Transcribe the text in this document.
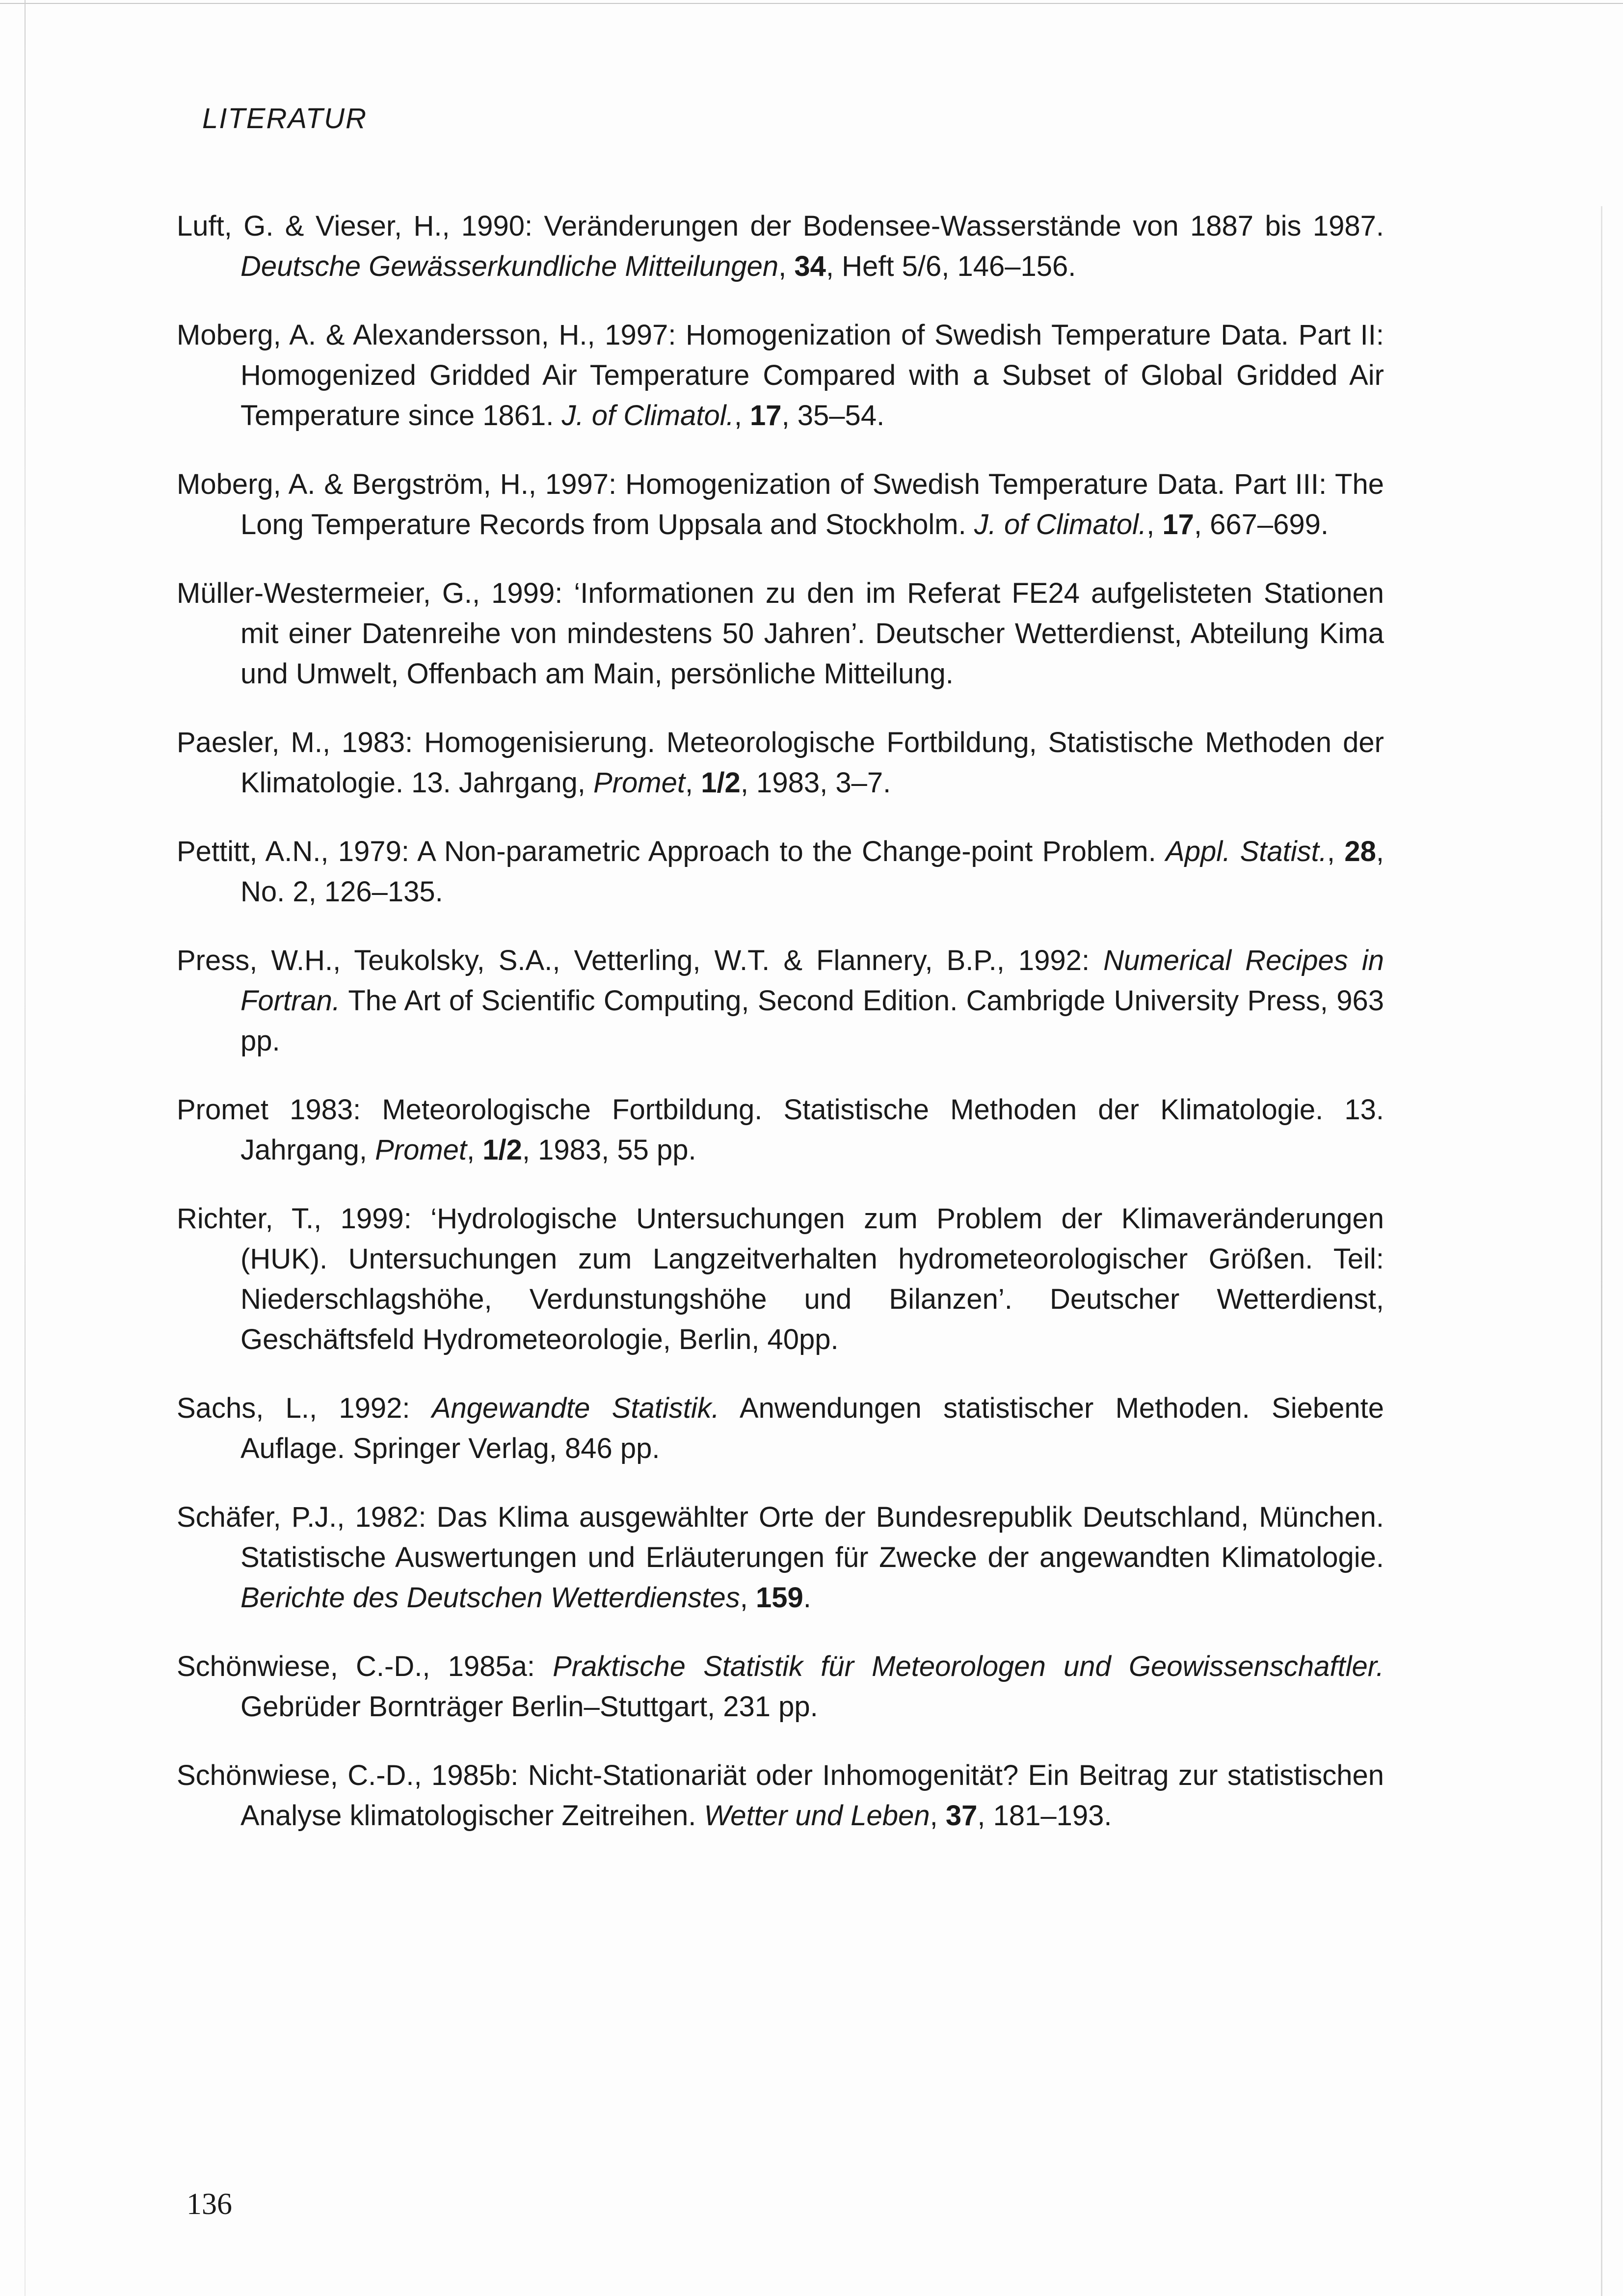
LITERATUR

Luft, G. & Vieser, H., 1990: Veränderungen der Bodensee-Wasserstände von 1887 bis 1987. Deutsche Gewässerkundliche Mitteilungen, 34, Heft 5/6, 146–156.

Moberg, A. & Alexandersson, H., 1997: Homogenization of Swedish Temperature Data. Part II: Homogenized Gridded Air Temperature Compared with a Subset of Global Gridded Air Temperature since 1861. J. of Climatol., 17, 35–54.

Moberg, A. & Bergström, H., 1997: Homogenization of Swedish Temperature Data. Part III: The Long Temperature Records from Uppsala and Stockholm. J. of Climatol., 17, 667–699.

Müller-Westermeier, G., 1999: ‘Informationen zu den im Referat FE24 aufgelisteten Stationen mit einer Datenreihe von mindestens 50 Jahren’. Deutscher Wetterdienst, Abteilung Kima und Umwelt, Offenbach am Main, persönliche Mitteilung.

Paesler, M., 1983: Homogenisierung. Meteorologische Fortbildung, Statistische Methoden der Klimatologie. 13. Jahrgang, Promet, 1/2, 1983, 3–7.

Pettitt, A.N., 1979: A Non-parametric Approach to the Change-point Problem. Appl. Statist., 28, No. 2, 126–135.

Press, W.H., Teukolsky, S.A., Vetterling, W.T. & Flannery, B.P., 1992: Numerical Recipes in Fortran. The Art of Scientific Computing, Second Edition. Cambrigde University Press, 963 pp.

Promet 1983: Meteorologische Fortbildung. Statistische Methoden der Klimatologie. 13. Jahrgang, Promet, 1/2, 1983, 55 pp.

Richter, T., 1999: ‘Hydrologische Untersuchungen zum Problem der Klimaveränderungen (HUK). Untersuchungen zum Langzeitverhalten hydrometeorologischer Größen. Teil: Niederschlagshöhe, Verdunstungshöhe und Bilanzen’. Deutscher Wetterdienst, Geschäftsfeld Hydrometeorologie, Berlin, 40pp.

Sachs, L., 1992: Angewandte Statistik. Anwendungen statistischer Methoden. Siebente Auflage. Springer Verlag, 846 pp.

Schäfer, P.J., 1982: Das Klima ausgewählter Orte der Bundesrepublik Deutschland, München. Statistische Auswertungen und Erläuterungen für Zwecke der angewandten Klimatologie. Berichte des Deutschen Wetterdienstes, 159.

Schönwiese, C.-D., 1985a: Praktische Statistik für Meteorologen und Geowissenschaftler. Gebrüder Bornträger Berlin–Stuttgart, 231 pp.

Schönwiese, C.-D., 1985b: Nicht-Stationariät oder Inhomogenität? Ein Beitrag zur statistischen Analyse klimatologischer Zeitreihen. Wetter und Leben, 37, 181–193.

136
